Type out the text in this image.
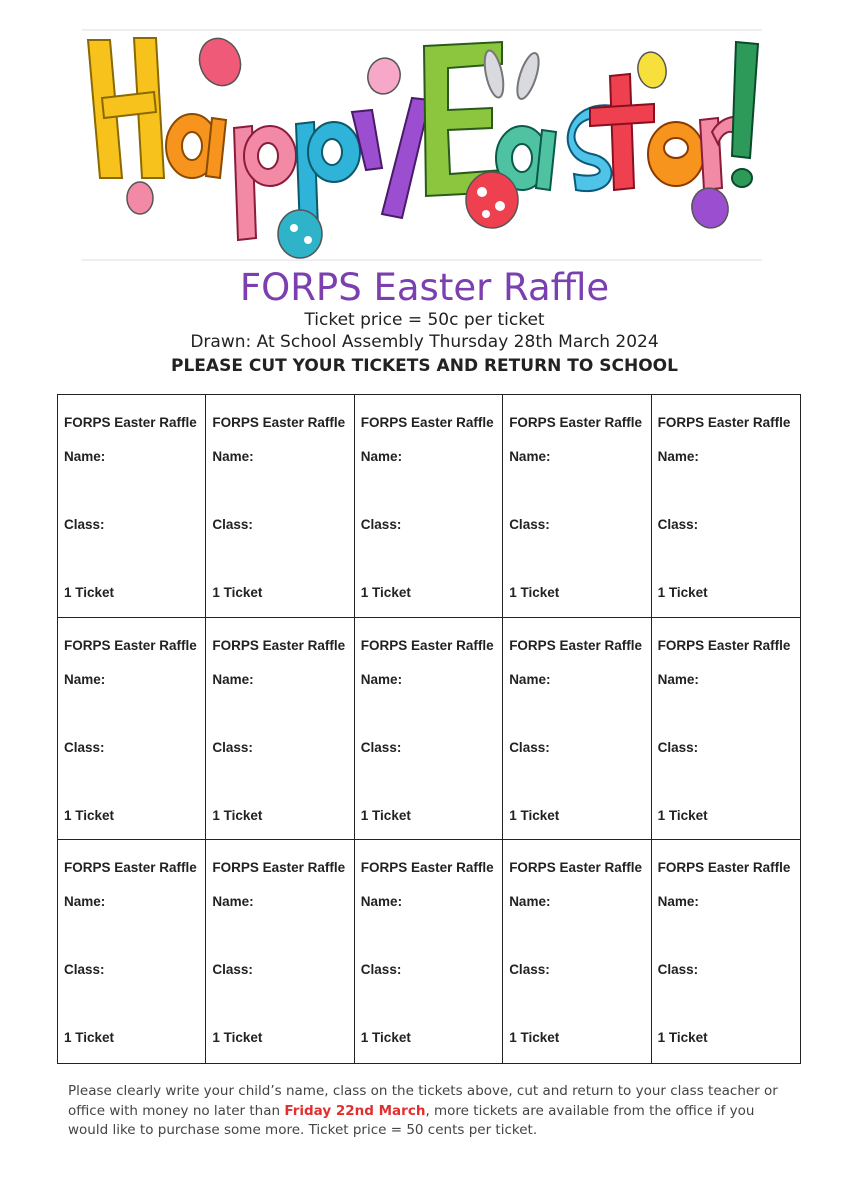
FORPS Easter Raffle
Ticket price = 50c per ticket
Drawn: At School Assembly Thursday 28th March 2024
PLEASE CUT YOUR TICKETS AND RETURN TO SCHOOL
FORPS Easter Raffle
Name:
Class:
1 Ticket
FORPS Easter Raffle
Name:
Class:
1 Ticket
FORPS Easter Raffle
Name:
Class:
1 Ticket
FORPS Easter Raffle
Name:
Class:
1 Ticket
FORPS Easter Raffle
Name:
Class:
1 Ticket
FORPS Easter Raffle
Name:
Class:
1 Ticket
FORPS Easter Raffle
Name:
Class:
1 Ticket
FORPS Easter Raffle
Name:
Class:
1 Ticket
FORPS Easter Raffle
Name:
Class:
1 Ticket
FORPS Easter Raffle
Name:
Class:
1 Ticket
FORPS Easter Raffle
Name:
Class:
1 Ticket
FORPS Easter Raffle
Name:
Class:
1 Ticket
FORPS Easter Raffle
Name:
Class:
1 Ticket
FORPS Easter Raffle
Name:
Class:
1 Ticket
FORPS Easter Raffle
Name:
Class:
1 Ticket
Please clearly write your child’s name, class on the tickets above, cut and return to your class teacher or office with money no later than Friday 22nd March, more tickets are available from the office if you would like to purchase some more. Ticket price = 50 cents per ticket.
